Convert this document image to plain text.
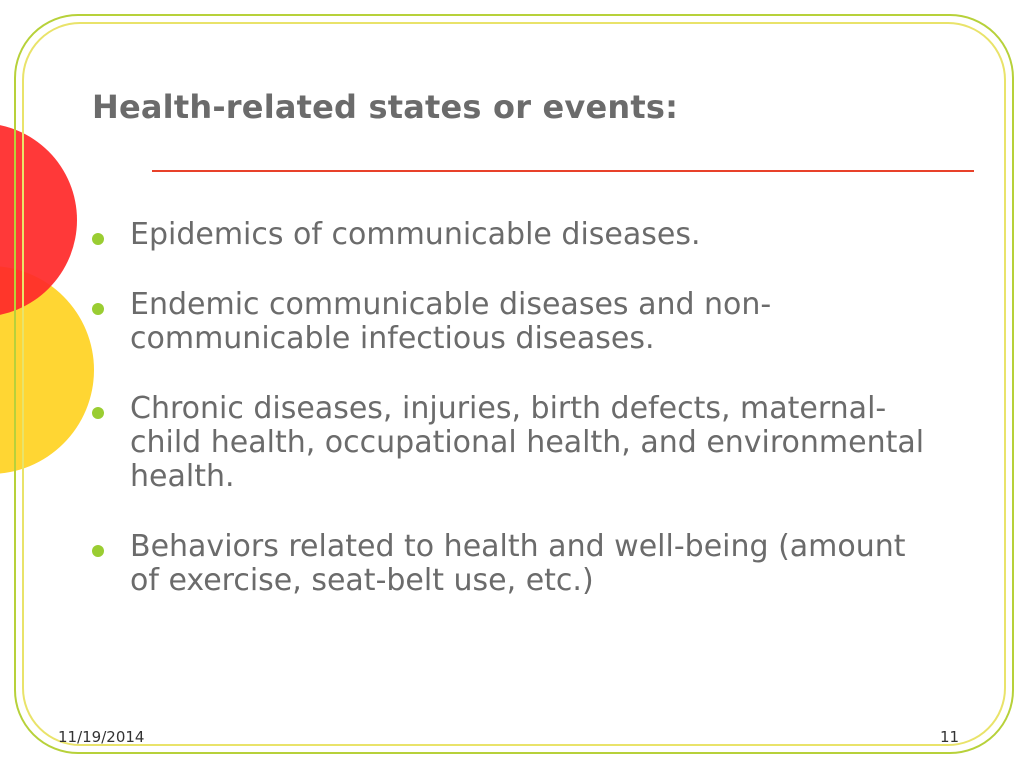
Health-related states or events:
Epidemics of communicable diseases.
Endemic communicable diseases and non-communicable infectious diseases.
Chronic diseases, injuries, birth defects, maternal-child health, occupational health, and environmental health.
Behaviors related to health and well-being (amount of exercise, seat-belt use, etc.)
11/19/2014	11
